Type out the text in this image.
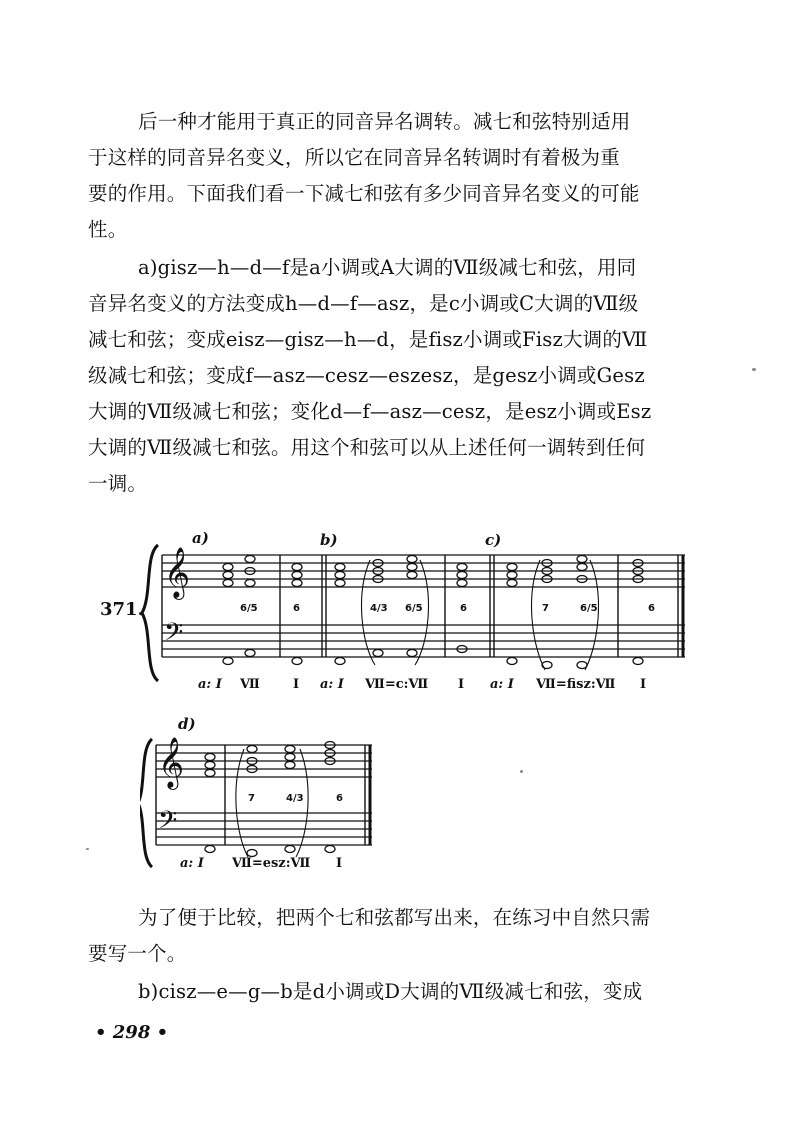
后一种才能用于真正的同音异名调转。减七和弦特别适用
于这样的同音异名变义，所以它在同音异名转调时有着极为重
要的作用。下面我们看一下减七和弦有多少同音异名变义的可能
性。
a)gisz—h—d—f是a小调或A大调的Ⅶ级减七和弦，用同
音异名变义的方法变成h—d—f—asz，是c小调或C大调的Ⅶ级
减七和弦；变成eisz—gisz—h—d，是fisz小调或Fisz大调的Ⅶ
级减七和弦；变成f—asz—cesz—eszesz，是gesz小调或Gesz
大调的Ⅶ级减七和弦；变化d—f—asz—cesz，是esz小调或Esz
大调的Ⅶ级减七和弦。用这个和弦可以从上述任何一调转到任何
一调。
371.
𝄞
𝄢
a)	b)	c)
6/5	6	4/3 6/5	6	7	6/5	6
a: I Ⅶ	I a: I Ⅶ=c:Ⅶ I a: I Ⅶ=fisz:Ⅶ I
d)
𝄞
𝄢
7	4/3	6
a: I Ⅶ=esz:Ⅶ I
为了便于比较，把两个七和弦都写出来，在练习中自然只需
要写一个。
b)cisz—e—g—b是d小调或D大调的Ⅶ级减七和弦，变成
• 298 •
